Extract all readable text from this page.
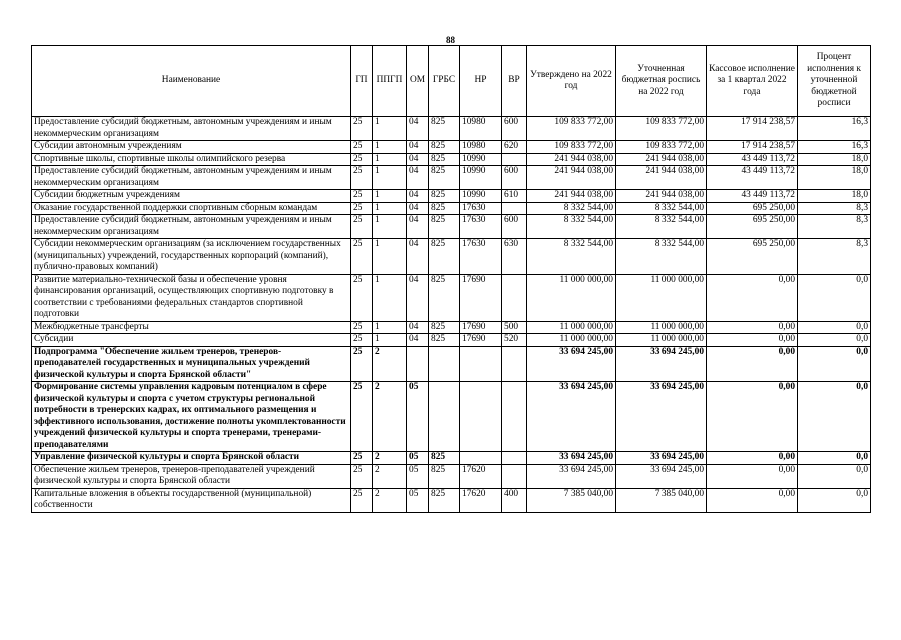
88
Наименование	ГП	ППГП	ОМ	ГРБС	НР	ВР	Утверждено на 2022 год	Уточненная бюджетная роспись на 2022 год	Кассовое исполнение за 1 квартал 2022 года	Процент исполнения к уточненной бюджетной росписи
Предоставление субсидий бюджетным, автономным учреждениям и иным некоммерческим организациям	25	1	04	825	10980	600	109 833 772,00	109 833 772,00	17 914 238,57	16,3
Субсидии автономным учреждениям	25	1	04	825	10980	620	109 833 772,00	109 833 772,00	17 914 238,57	16,3
Спортивные школы, спортивные школы олимпийского резерва	25	1	04	825	10990		241 944 038,00	241 944 038,00	43 449 113,72	18,0
Предоставление субсидий бюджетным, автономным учреждениям и иным некоммерческим организациям	25	1	04	825	10990	600	241 944 038,00	241 944 038,00	43 449 113,72	18,0
Субсидии бюджетным учреждениям	25	1	04	825	10990	610	241 944 038,00	241 944 038,00	43 449 113,72	18,0
Оказание государственной поддержки спортивным сборным командам	25	1	04	825	17630		8 332 544,00	8 332 544,00	695 250,00	8,3
Предоставление субсидий бюджетным, автономным учреждениям и иным некоммерческим организациям	25	1	04	825	17630	600	8 332 544,00	8 332 544,00	695 250,00	8,3
Субсидии некоммерческим организациям (за исключением государственных (муниципальных) учреждений, государственных корпораций (компаний), публично-правовых компаний)	25	1	04	825	17630	630	8 332 544,00	8 332 544,00	695 250,00	8,3
Развитие материально-технической базы и обеспечение уровня финансирования организаций, осуществляющих спортивную подготовку в соответствии с требованиями федеральных стандартов спортивной подготовки	25	1	04	825	17690		11 000 000,00	11 000 000,00	0,00	0,0
Межбюджетные трансферты	25	1	04	825	17690	500	11 000 000,00	11 000 000,00	0,00	0,0
Субсидии	25	1	04	825	17690	520	11 000 000,00	11 000 000,00	0,00	0,0
Подпрограмма "Обеспечение жильем тренеров, тренеров-преподавателей государственных и муниципальных учреждений физической культуры и спорта Брянской области"	25	2					33 694 245,00	33 694 245,00	0,00	0,0
Формирование системы управления кадровым потенциалом в сфере физической культуры и спорта с учетом структуры региональной потребности в тренерских кадрах, их оптимального размещения и эффективного использования, достижение полноты укомплектованности учреждений физической культуры и спорта тренерами, тренерами-преподавателями	25	2	05				33 694 245,00	33 694 245,00	0,00	0,0
Управление физической культуры и спорта Брянской области	25	2	05	825			33 694 245,00	33 694 245,00	0,00	0,0
Обеспечение жильем тренеров, тренеров-преподавателей учреждений физической культуры и спорта Брянской области	25	2	05	825	17620		33 694 245,00	33 694 245,00	0,00	0,0
Капитальные вложения в объекты государственной (муниципальной) собственности	25	2	05	825	17620	400	7 385 040,00	7 385 040,00	0,00	0,0
